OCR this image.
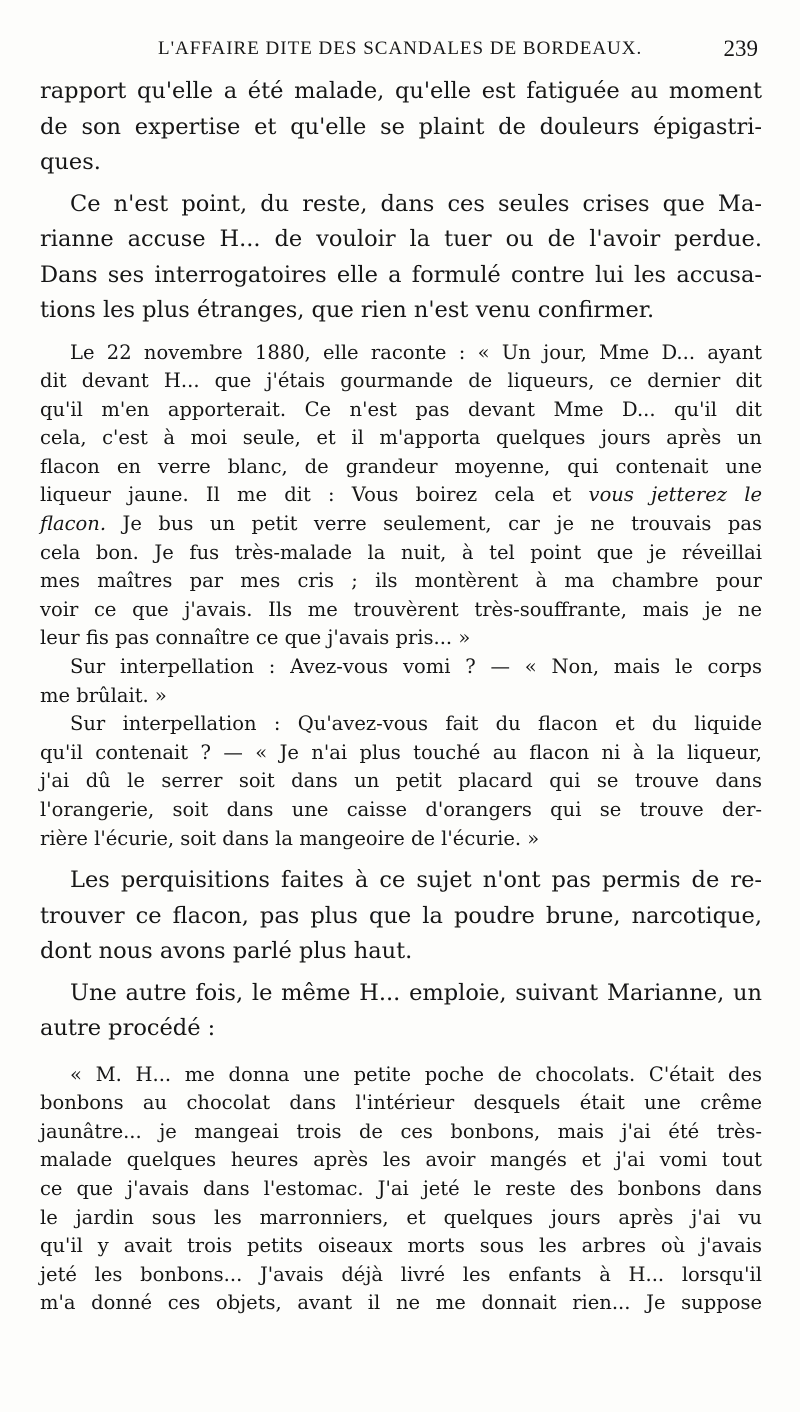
L'AFFAIRE DITE DES SCANDALES DE BORDEAUX.	239
rapport qu'elle a été malade, qu'elle est fatiguée au moment
de son expertise et qu'elle se plaint de douleurs épigastri-
ques.
Ce n'est point, du reste, dans ces seules crises que Ma-
rianne accuse H... de vouloir la tuer ou de l'avoir perdue.
Dans ses interrogatoires elle a formulé contre lui les accusa-
tions les plus étranges, que rien n'est venu confirmer.
Le 22 novembre 1880, elle raconte : « Un jour, Mme D... ayant
dit devant H... que j'étais gourmande de liqueurs, ce dernier dit
qu'il m'en apporterait. Ce n'est pas devant Mme D... qu'il dit
cela, c'est à moi seule, et il m'apporta quelques jours après un
flacon en verre blanc, de grandeur moyenne, qui contenait une
liqueur jaune. Il me dit : Vous boirez cela et vous jetterez le
flacon. Je bus un petit verre seulement, car je ne trouvais pas
cela bon. Je fus très-malade la nuit, à tel point que je réveillai
mes maîtres par mes cris ; ils montèrent à ma chambre pour
voir ce que j'avais. Ils me trouvèrent très-souffrante, mais je ne
leur fis pas connaître ce que j'avais pris... »
Sur interpellation : Avez-vous vomi ? — « Non, mais le corps
me brûlait. »
Sur interpellation : Qu'avez-vous fait du flacon et du liquide
qu'il contenait ? — « Je n'ai plus touché au flacon ni à la liqueur,
j'ai dû le serrer soit dans un petit placard qui se trouve dans
l'orangerie, soit dans une caisse d'orangers qui se trouve der-
rière l'écurie, soit dans la mangeoire de l'écurie. »
Les perquisitions faites à ce sujet n'ont pas permis de re-
trouver ce flacon, pas plus que la poudre brune, narcotique,
dont nous avons parlé plus haut.
Une autre fois, le même H... emploie, suivant Marianne, un
autre procédé :
« M. H... me donna une petite poche de chocolats. C'était des
bonbons au chocolat dans l'intérieur desquels était une crême
jaunâtre... je mangeai trois de ces bonbons, mais j'ai été très-
malade quelques heures après les avoir mangés et j'ai vomi tout
ce que j'avais dans l'estomac. J'ai jeté le reste des bonbons dans
le jardin sous les marronniers, et quelques jours après j'ai vu
qu'il y avait trois petits oiseaux morts sous les arbres où j'avais
jeté les bonbons... J'avais déjà livré les enfants à H... lorsqu'il
m'a donné ces objets, avant il ne me donnait rien... Je suppose
